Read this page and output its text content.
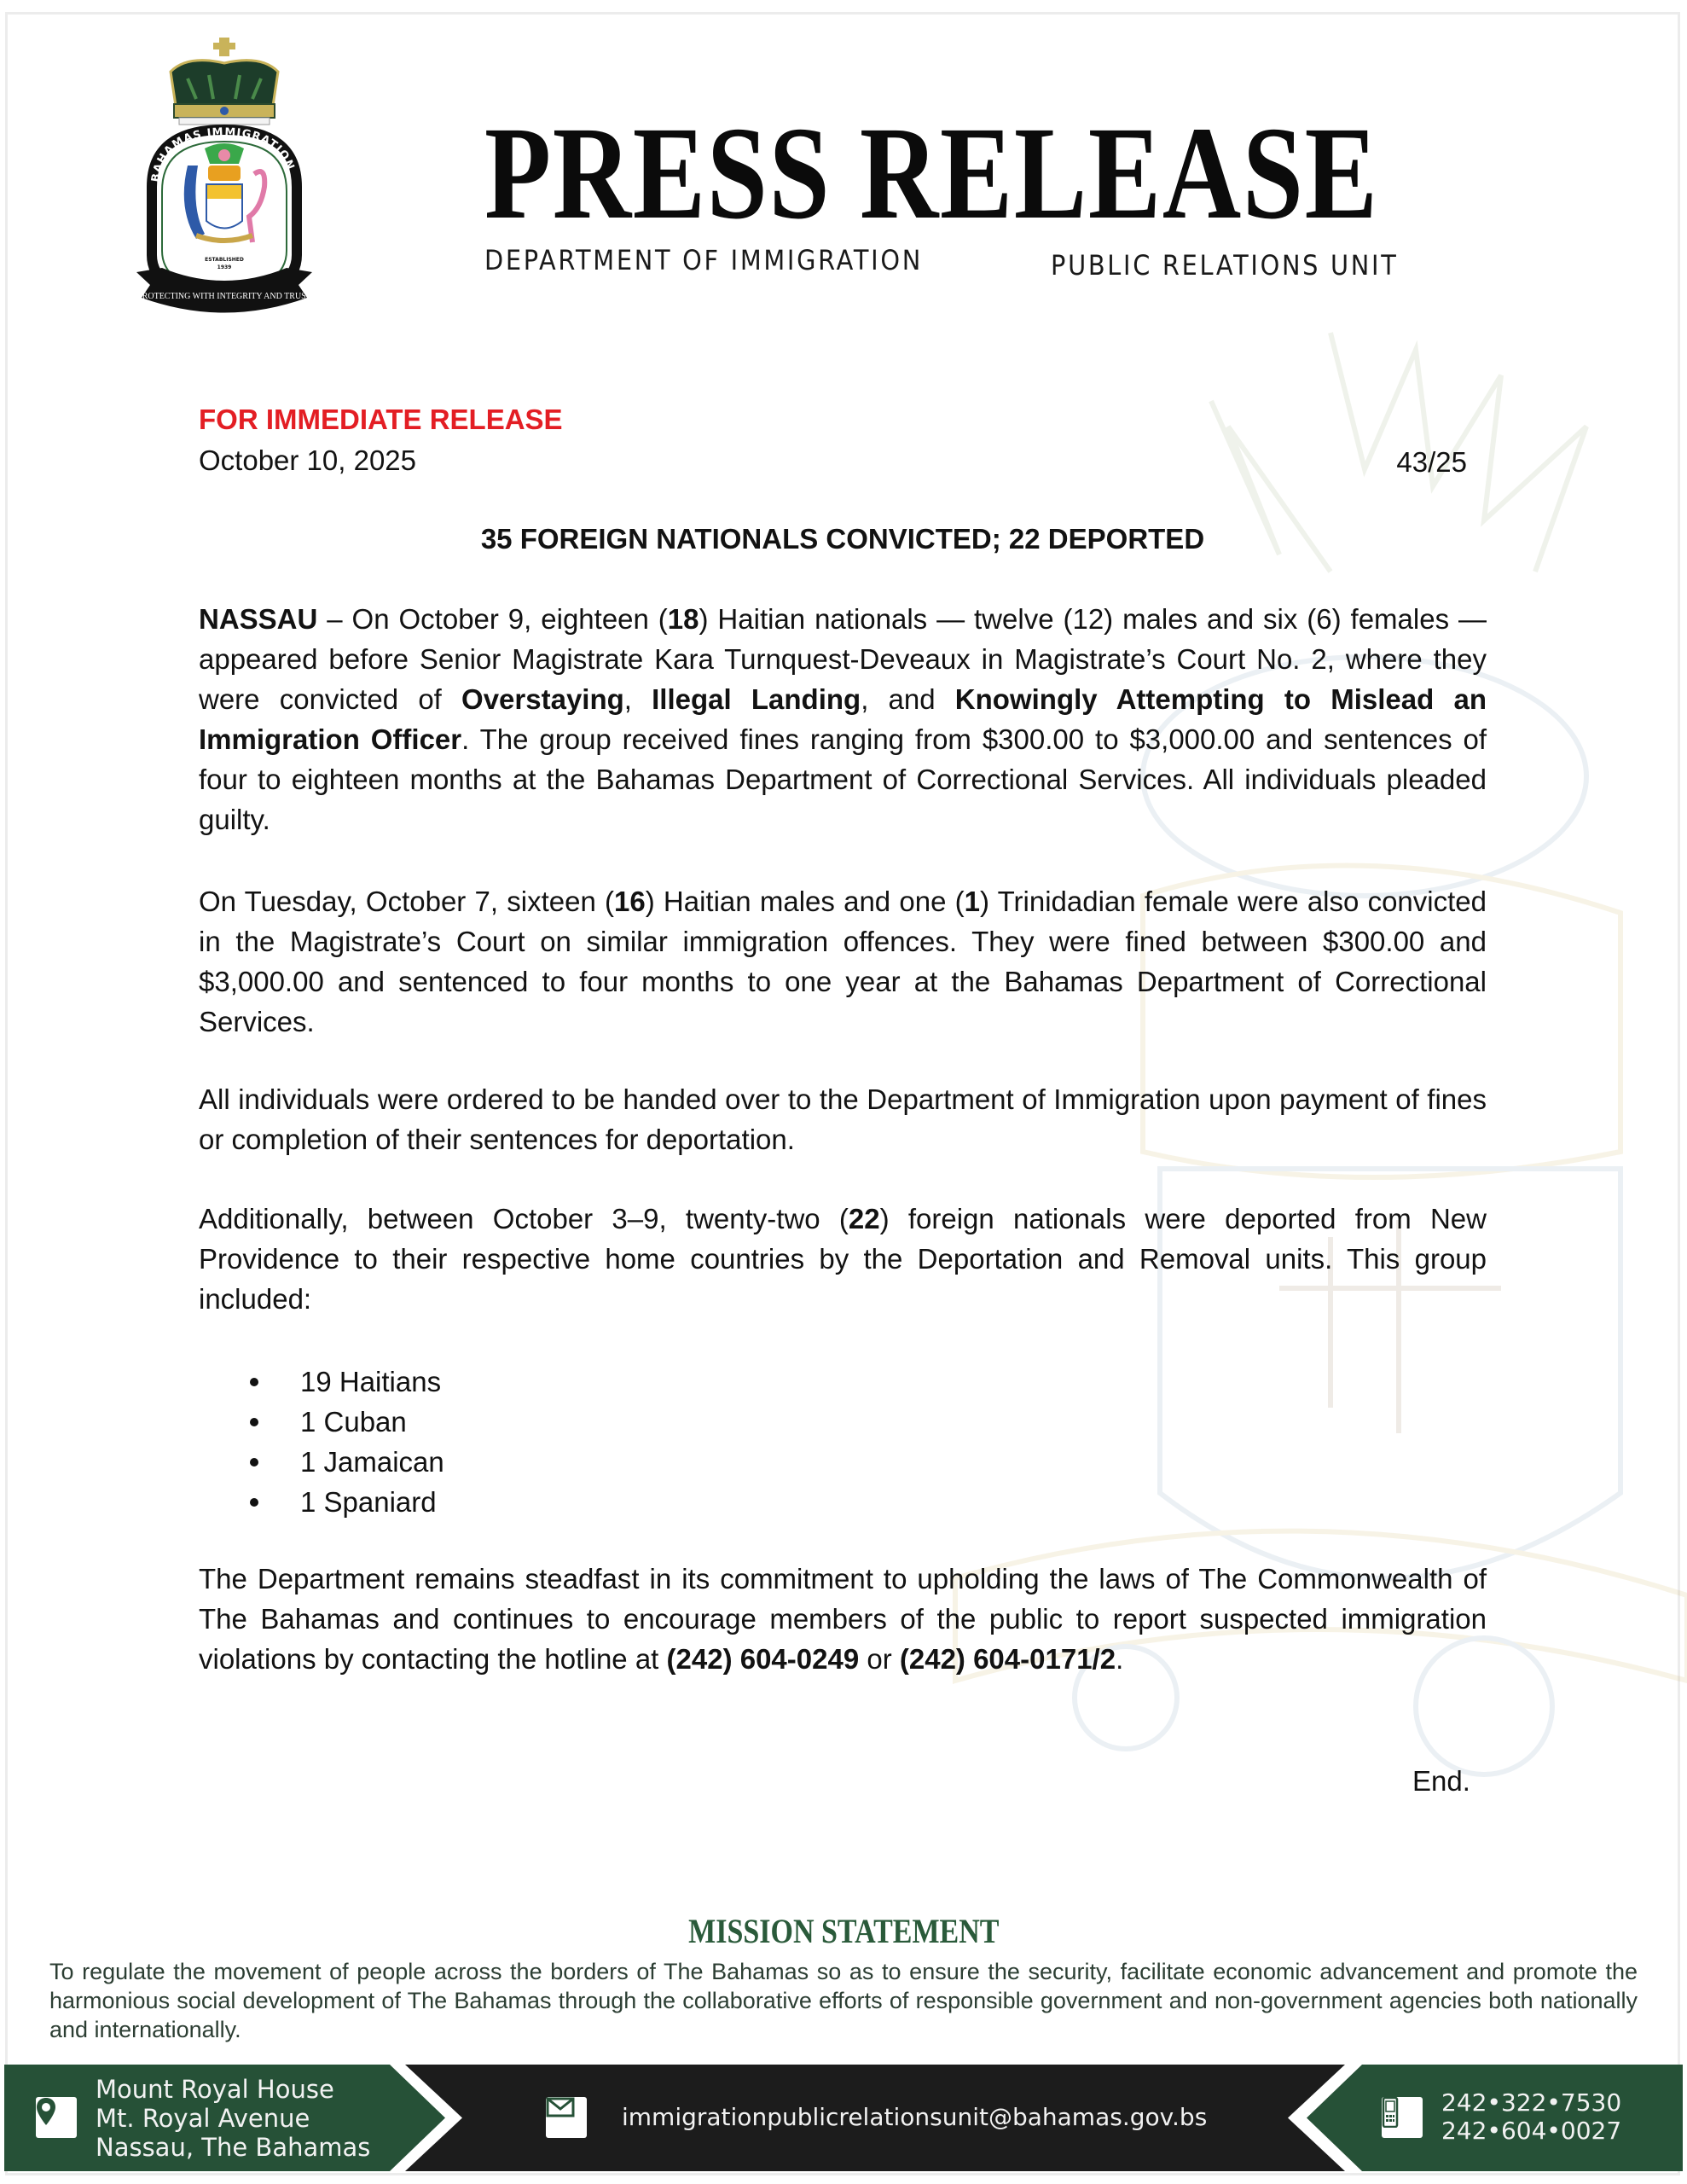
BAHAMAS IMMIGRATION
ESTABLISHED
1939
PROTECTING WITH INTEGRITY AND TRUST
PRESS RELEASE
DEPARTMENT OF IMMIGRATION	PUBLIC RELATIONS UNIT
FOR IMMEDIATE RELEASE
October 10, 2025	43/25
35 FOREIGN NATIONALS CONVICTED; 22 DEPORTED

NASSAU – On October 9, eighteen (18) Haitian nationals — twelve (12) males and six (6) females — appeared before Senior Magistrate Kara Turnquest-Deveaux in Magistrate’s Court No. 2, where they were convicted of Overstaying, Illegal Landing, and Knowingly Attempting to Mislead an Immigration Officer. The group received fines ranging from $300.00 to $3,000.00 and sentences of four to eighteen months at the Bahamas Department of Correctional Services. All individuals pleaded guilty.

On Tuesday, October 7, sixteen (16) Haitian males and one (1) Trinidadian female were also convicted in the Magistrate’s Court on similar immigration offences. They were fined between $300.00 and $3,000.00 and sentenced to four months to one year at the Bahamas Department of Correctional Services.

All individuals were ordered to be handed over to the Department of Immigration upon payment of fines or completion of their sentences for deportation.

Additionally, between October 3–9, twenty-two (22) foreign nationals were deported from New Providence to their respective home countries by the Deportation and Removal units. This group included:

19 Haitians
1 Cuban
1 Jamaican
1 Spaniard

The Department remains steadfast in its commitment to upholding the laws of The Commonwealth of The Bahamas and continues to encourage members of the public to report suspected immigration violations by contacting the hotline at (242) 604-0249 or (242) 604-0171/2.

End.
MISSION STATEMENT
To regulate the movement of people across the borders of The Bahamas so as to ensure the security, facilitate economic advancement and promote the harmonious social development of The Bahamas through the collaborative efforts of responsible government and non-government agencies both nationally and internationally.
Mount Royal House
Mt. Royal Avenue
Nassau, The Bahamas
immigrationpublicrelationsunit@bahamas.gov.bs
242•322•7530
242•604•0027
